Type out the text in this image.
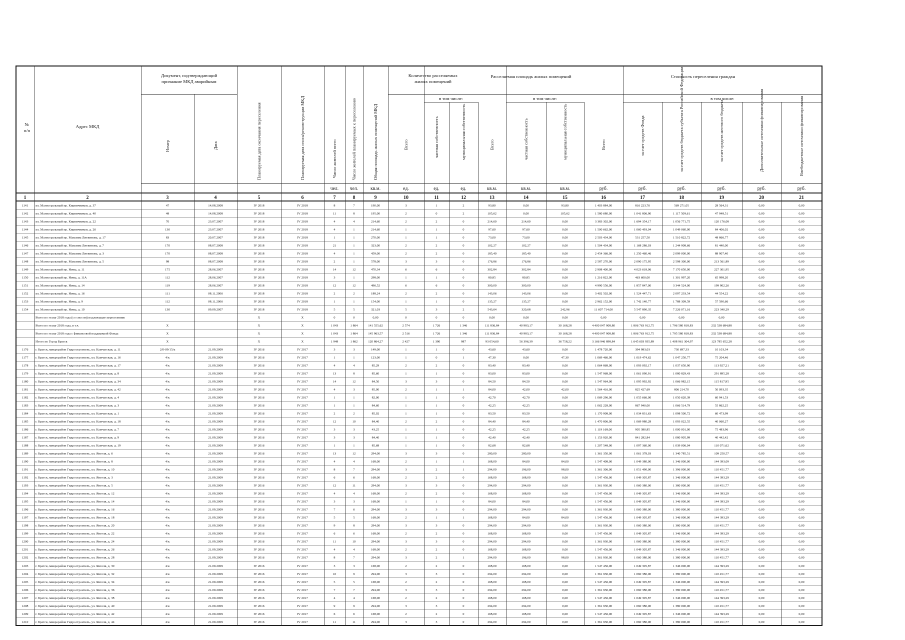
№ п/п
Адрес МКД
Документ, подтверждающий признание МКД аварийным
Номер	Дата	Планируемая дата окончания переселения	Планируемая дата сноса/реконструкции МКД	Число жителей всего	Число жителей планируемых к переселению	Общая площадь жилых помещений МКД
Количество расселяемых жилых помещений
Расселяемая площадь жилых помещений	Стоимость переселения граждан
в том числе:	в том числе:	в том числе:
Всего	частная собственность	муниципальная собственность	Всего	частная собственность	муниципальная собственность	Всего	за счет средств Фонда	за счет средств бюджета субъекта Российской Федерации	за счет средств местного бюджета	Дополнительные источники финансирования	Внебюджетные источники финансирования
чел. чел.	кв.м.	ед.	ед.	ед.	кв.м.	кв.м.	кв.м.	руб.	руб.	руб.	руб.	руб.	руб.
1	2	3	4	5	6	7	8	9	10	11	12	13	14	15	16	17	18	19	20	21
1141 ул. Магистральный пр. Кирпичников, д. 37	47	14.08.2008	IV 2018	IV 2018	8	7	190,00	3	1	2	93,80	0,00	93,80	1 403 884,00	816 223,76	569 271,05	28 564,31	0,00	0,00
1142 ул. Магистральный пр. Кирпичников, д. 40	48	14.08.2008	IV 2018	IV 2018	11	8	195,00	2	0	2	105,62	0,00	105,62	1 580 680,00	1 041 806,90	1 117 509,61	47 948,51	0,00	0,00
1143 ул. Магистральный пр. Кирпичников, д. 22	70	23.07.2007	IV 2018	IV 2018	4	4	214,60	2	2	0	214,60	214,60	0,00	3 383 302,00	1 694 354,17	1 056 771,75	120 176,08	0,00	0,00
1144 ул. Магистральный пр. Кирпичников, д. 26	130	23.07.2007	IV 2018	IV 2018	4	1	214,60	1	1	0	97,60	97,60	0,00	1 500 662,00	1 060 493,04	1 049 060,00	84 406,02	0,00	0,00
1145 ул. Магистральный пр. Максима Литвинова, д. 17	83	20.07.2007	IV 2018	IV 2018	1	1	270,00	1	1	0	73,00	73,00	0,00	2 503 434,00	531 257,50	1 510 822,72	48 866,77	0,00	0,00
1146 ул. Магистральный пр. Максима Литвинова, д. 7	170	08.07.2008	IV 2018	IV 2018	21	1	323,00	2	2	0	102,27	102,27	0,00	1 504 434,00	1 168 286,03	1 244 908,66	81 440,00	0,00	0,00
1147 ул. Магистральный пр. Максима Литвинова, д. 3	170	08.07.2008	IV 2018	IV 2018	4	1	459,00	2	2	0	185,40	185,40	0,00	2 454 366,00	1 250 460,46	2 099 000,00	88 907,40	0,00	0,00
1148 ул. Магистральный пр. Максима Литвинова, д. 5	98	08.07.2008	IV 2018	IV 2018	2	1	578,00	3	3	0	176,86	176,86	0,00	2 587 270,00	2 090 175,95	2 598 300,00	213 561,89	0,00	0,00
1149 ул. Магистральный пр. Невы, д. 11	175	28.06.2007	IV 2018	IV 2018	14	12	470,34	6	6	0	302,84	302,84	0,00	2 908 400,00	4 023 618,06	7 170 650,00	227 301,95	0,00	0,00
1150 ул. Магистральный пр. Невы, д. 11А	112	28.06.2007	IV 2018	IV 2018	3	1	298,00	1	1	0	80,85	80,85	0,00	1 216 822,00	463 600,00	1 301 997,20	65 998,20	0,00	0,00
1151 ул. Магистральный пр. Невы, д. 14	119	28.06.2007	IV 2018	IV 2018	12	12	496,52	6	6	0	300,00	300,00	0,00	4 990 556,00	1 857 847,00	3 344 524,00	199 902,26	0,00	0,00
1152 ул. Магистральный пр. Невы, д. 16	111	08.11.2006	IV 2018	IV 2018	2	2	188,24	2	2	0	143,06	143,06	0,00	3 402 502,00	1 524 447,71	2 097 233,54	44 554,22	0,00	0,00
1153 ул. Магистральный пр. Невы, д. 9	112	08.11.2006	IV 2018	IV 2018	1	1	154,00	1	1	0	135,27	135,27	0,00	2 962 152,00	1 742 140,77	1 788 309,59	57 590,66	0,00	0,00
1154 ул. Магистральный пр. Невы, д. 10	130	09.09.2007	IV 2018	IV 2018	5	5	321,03	5	3	2	543,64	320,68	242,96	11 607 714,00	5 547 890,35	7 226 071,16	223 340,29	0,00	0,00
Всего по этапу 2018 года (со сносом) подлежащее переселению	X	X	0	0	0,00	0	0	0	0,00	0,00	0,00	0,00	0,00	0,00	0,00	0,00	0,00
Всего по этапу 2018 года, в т.ч.	X	X	X	1 043	1 864	141 555,62	2 574	1 726	1 346	111 836,84	40 983,17	30 168,28	4 400 047 908,80	1 806 763 912,75	1 796 580 818,83	232 538 684,88	0,00	0,00
Всего по этапу 2018 года с финансовой поддержкой Фонда	X	X	X	1 043	1 864	145 963,57	2 516	1 726	1 346	111 836,84	40 983,17	30 168,28	4 400 047 908,80	1 806 763 912,75	1 795 580 818,83	232 538 684,88	0,00	0,00
Итого по Город Братск	X	X	X	1 948	1 862	120 864,27	2 427	1 390	987	93 054,60	56 396,39	36 758,22	3 166 946 898,84	1 645 603 935,89	1 408 961 304,97	123 785 652,28	0,00	0,00
1176 г. Братск, микрорайон Гидростроитель, ул. Камчатская, д. 11	2/0-09/15/к	21.09.2009	IV 2016	IV 2017	3	3	149,00	1	1	0	43,60	43,60	0,00	1 478 720,00	394 983,03	730 697,33	10 103,34	0,00	0,00
1177 г. Братск, микрорайон Гидростроитель, ул. Камчатская, д. 16	4/к	21.09.2009	IV 2016	IV 2017	1	1	123,00	1	0	1	47,30	0,00	47,30	1 069 466,00	1 019 474,62	1 047 250,77	75 204,46	0,00	0,00
1178 г. Братск, микрорайон Гидростроитель, ул. Камчатская, д. 17	4/к	21.09.2009	IV 2016	IV 2017	4	4	85,29	2	2	0	83,40	83,40	0,00	1 064 868,00	1 093 092,17	1 037 650,90	113 927,21	0,00	0,00
1179 г. Братск, микрорайон Гидростроитель, ул. Камчатская, д. 8	4/к	21.09.2009	IV 2016	IV 2017	13	8	85,60	1	1	0	83,00	83,00	0,00	1 547 968,00	1 061 090,91	1 080 829,43	291 895,28	0,00	0,00
1180 г. Братск, микрорайон Гидростроитель, ул. Камчатская, д. 34	4/к	21.09.2009	IV 2016	IV 2017	14	12	84,50	3	3	0	84,50	84,50	0,00	1 547 964,00	1 095 992,92	1 066 982,15	115 817,95	0,00	0,00
1181 г. Братск, микрорайон Гидростроитель, ул. Камчатская, д. 42	4/к	21.09.2009	IV 2016	IV 2017	4	3	85,00	2	1	1	84,00	42,00	42,00	1 564 416,00	825 427,69	806 214,70	50 093,35	0,00	0,00
1182 г. Братск, микрорайон Гидростроитель, ул. Камчатская, д. 4	4/к	21.09.2009	IV 2016	IV 2017	1	1	82,00	1	1	0	42,70	42,70	0,00	1 069 296,00	1 055 666,00	1 050 620,39	60 941,53	0,00	0,00
1183 г. Братск, микрорайон Гидростроитель, ул. Камчатская, д. 3	4/к	21.09.2009	IV 2016	IV 2017	1	1	84,60	1	1	0	42,25	42,25	0,00	1 062 228,00	867 940,00	1 066 514,79	55 862,25	0,00	0,00
1184 г. Братск, микрорайон Гидростроитель, ул. Камчатская, д. 1	4/к	21.09.2009	IV 2016	IV 2017	2	2	85,02	1	1	0	83,50	83,50	0,00	1 170 908,00	1 034 831,63	1 098 500,72	60 473,99	0,00	0,00
1185 г. Братск, микрорайон Гидростроитель, ул. Камчатская, д. 18	4/к	21.09.2009	IV 2016	IV 2017	12	10	84,40	2	2	0	84,40	84,40	0,00	1 470 806,00	1 069 980,28	1 093 022,55	40 060,27	0,00	0,00
1186 г. Братск, микрорайон Гидростроитель, ул. Камчатская, д. 7	4/к	21.09.2009	IV 2016	IV 2017	3	3	43,25	1	1	0	42,25	42,25	0,00	1 119 168,00	905 380,85	1 000 001,00	75 483,96	0,00	0,00
1187 г. Братск, микрорайон Гидростроитель, ул. Камчатская, д. 9	4/к	21.09.2009	IV 2016	IV 2017	3	3	84,40	1	1	0	42,40	42,40	0,00	1 153 920,00	841 282,84	1 080 905,99	40 442,42	0,00	0,00
1188 г. Братск, микрорайон Гидростроитель, ул. Камчатская, д. 19	4/к	21.09.2009	IV 2016	IV 2017	1	1	85,68	1	1	0	82,68	82,68	0,00	1 207 548,00	1 097 360,00	1 039 006,04	110 071,62	0,00	0,00
1189 г. Братск, микрорайон Гидростроитель, ул. Янгеля, д. 6	4/к	21.09.2009	IV 2016	IV 2017	13	12	294,00	3	3	0	280,00	280,00	0,00	1 361 350,00	1 061 378,03	1 340 785,51	109 250,57	0,00	0,00
1190 г. Братск, микрорайон Гидростроитель, ул. Янгеля, д. 8	4/к	21.09.2009	IV 2016	IV 2017	4	4	168,00	2	1	1	168,00	84,00	84,00	1 547 408,00	1 049 380,00	1 346 000,00	144 393,09	0,00	0,00
1191 г. Братск, микрорайон Гидростроитель, ул. Янгеля, д. 10	4/к	21.09.2009	IV 2016	IV 2017	8	7	294,00	3	2	1	294,00	196,00	98,00	1 361 306,00	1 051 490,00	1 396 000,00	110 451,77	0,00	0,00
1192 г. Братск, микрорайон Гидростроитель, ул. Янгеля, д. 3	4/к	21.09.2009	IV 2016	IV 2017	6	6	168,00	2	2	0	168,00	168,00	0,00	1 547 456,00	1 049 305,87	1 346 000,00	144 393,29	0,00	0,00
1193 г. Братск, микрорайон Гидростроитель, ул. Янгеля, д. 5	4/к	21.09.2009	IV 2016	IV 2017	12	11	294,00	3	3	0	294,00	294,00	0,00	1 361 930,00	1 060 380,00	1 380 000,00	110 451,77	0,00	0,00
1194 г. Братск, микрорайон Гидростроитель, ул. Янгеля, д. 12	4/к	21.09.2009	IV 2016	IV 2017	4	4	168,00	2	2	0	168,00	168,00	0,00	1 547 456,00	1 049 305,87	1 346 000,00	144 393,29	0,00	0,00
1195 г. Братск, микрорайон Гидростроитель, ул. Янгеля, д. 14	4/к	21.09.2009	IV 2016	IV 2017	3	3	168,00	1	1	0	84,00	84,00	0,00	1 547 456,00	1 049 305,87	1 346 000,00	144 393,29	0,00	0,00
1196 г. Братск, микрорайон Гидростроитель, ул. Янгеля, д. 16	4/к	21.09.2009	IV 2016	IV 2017	7	6	294,00	3	3	0	294,00	294,00	0,00	1 361 930,00	1 060 380,00	1 380 000,00	110 451,77	0,00	0,00
1197 г. Братск, микрорайон Гидростроитель, ул. Янгеля, д. 18	4/к	21.09.2009	IV 2016	IV 2017	5	5	168,00	2	1	1	168,00	84,00	84,00	1 547 456,00	1 049 305,87	1 346 000,00	144 393,29	0,00	0,00
1198 г. Братск, микрорайон Гидростроитель, ул. Янгеля, д. 20	4/к	21.09.2009	IV 2016	IV 2017	9	8	294,00	3	3	0	294,00	294,00	0,00	1 361 930,00	1 060 380,00	1 380 000,00	110 451,77	0,00	0,00
1199 г. Братск, микрорайон Гидростроитель, ул. Янгеля, д. 22	4/к	21.09.2009	IV 2016	IV 2017	6	6	168,00	2	2	0	168,00	168,00	0,00	1 547 456,00	1 049 305,87	1 346 000,00	144 393,29	0,00	0,00
1200 г. Братск, микрорайон Гидростроитель, ул. Янгеля, д. 24	4/к	21.09.2009	IV 2016	IV 2017	11	10	294,00	3	3	0	294,00	294,00	0,00	1 361 930,00	1 060 380,00	1 380 000,00	110 451,77	0,00	0,00
1201 г. Братск, микрорайон Гидростроитель, ул. Янгеля, д. 26	4/к	21.09.2009	IV 2016	IV 2017	4	4	168,00	2	2	0	168,00	168,00	0,00	1 547 456,00	1 049 305,87	1 346 000,00	144 393,29	0,00	0,00
1202 г. Братск, микрорайон Гидростроитель, ул. Янгеля, д. 28	4/к	21.09.2009	IV 2016	IV 2017	8	7	294,00	3	2	1	294,00	196,00	98,00	1 361 930,00	1 060 380,00	1 380 000,00	110 451,77	0,00	0,00
1203 г. Братск, микрорайон Гидростроитель, ул. Янгеля, д. 30	4/к	21.09.2009	IV 2016	IV 2017	3	3	168,00	2	2	0	168,00	168,00	0,00	1 547 456,00	1 049 305,87	1 346 000,00	144 393,29	0,00	0,00
1204 г. Братск, микрорайон Гидростроитель, ул. Янгеля, д. 32	4/к	21.09.2009	IV 2016	IV 2017	10	9	294,00	3	3	0	294,00	294,00	0,00	1 361 930,00	1 060 380,00	1 380 000,00	110 451,77	0,00	0,00
1205 г. Братск, микрорайон Гидростроитель, ул. Янгеля, д. 34	4/к	21.09.2009	IV 2016	IV 2017	5	5	168,00	2	2	0	168,00	168,00	0,00	1 547 456,00	1 049 305,87	1 346 000,00	144 393,29	0,00	0,00
1206 г. Братск, микрорайон Гидростроитель, ул. Янгеля, д. 36	4/к	21.09.2009	IV 2016	IV 2017	7	7	294,00	3	3	0	294,00	294,00	0,00	1 361 930,00	1 060 380,00	1 380 000,00	110 451,77	0,00	0,00
1207 г. Братск, микрорайон Гидростроитель, ул. Янгеля, д. 38	4/к	21.09.2009	IV 2016	IV 2017	4	4	168,00	2	2	0	168,00	168,00	0,00	1 547 456,00	1 049 305,87	1 346 000,00	144 393,29	0,00	0,00
1208 г. Братск, микрорайон Гидростроитель, ул. Янгеля, д. 40	4/к	21.09.2009	IV 2016	IV 2017	9	9	294,00	3	3	0	294,00	294,00	0,00	1 361 930,00	1 060 380,00	1 380 000,00	110 451,77	0,00	0,00
1209 г. Братск, микрорайон Гидростроитель, ул. Янгеля, д. 42	4/к	21.09.2009	IV 2016	IV 2017	6	6	168,00	2	2	0	168,00	168,00	0,00	1 547 456,00	1 049 305,87	1 346 000,00	144 393,29	0,00	0,00
1210 г. Братск, микрорайон Гидростроитель, ул. Янгеля, д. 44	4/к	21.09.2009	IV 2016	IV 2017	11	11	294,00	3	3	0	294,00	294,00	0,00	1 361 930,00	1 060 380,00	1 380 000,00	110 451,77	0,00	0,00
